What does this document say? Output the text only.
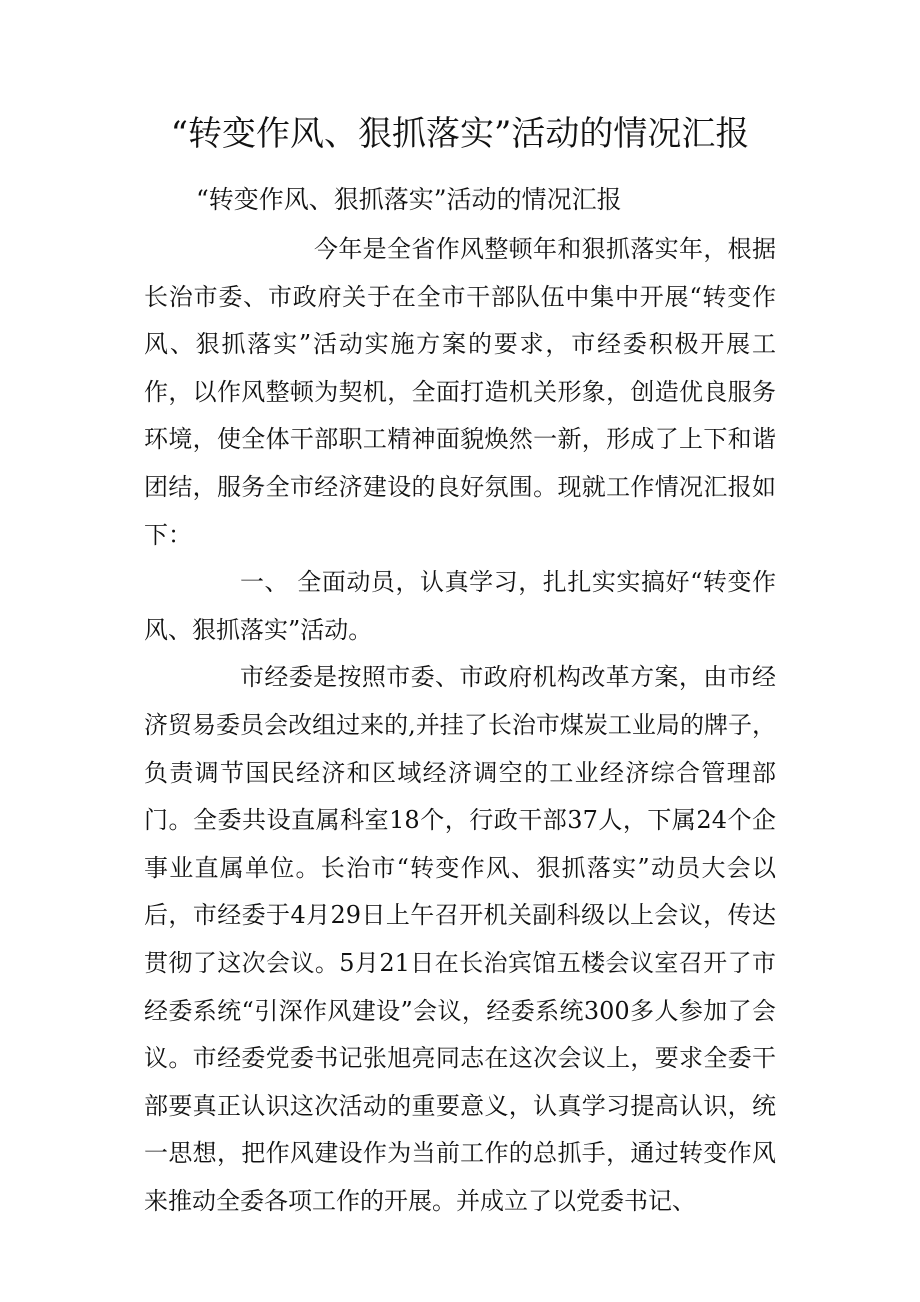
“转变作风、狠抓落实”活动的情况汇报
“转变作风、狠抓落实”活动的情况汇报

今年是全省作风整顿年和狠抓落实年，根据长治市委、市政府关于在全市干部队伍中集中开展“转变作风、狠抓落实”活动实施方案的要求，市经委积极开展工作，以作风整顿为契机，全面打造机关形象，创造优良服务环境，使全体干部职工精神面貌焕然一新，形成了上下和谐团结，服务全市经济建设的良好氛围。现就工作情况汇报如下：

一、 全面动员，认真学习，扎扎实实搞好“转变作风、狠抓落实”活动。

市经委是按照市委、市政府机构改革方案，由市经济贸易委员会改组过来的,并挂了长治市煤炭工业局的牌子，负责调节国民经济和区域经济调空的工业经济综合管理部门。全委共设直属科室18个，行政干部37人，下属24个企事业直属单位。长治市“转变作风、狠抓落实”动员大会以后，市经委于4月29日上午召开机关副科级以上会议，传达贯彻了这次会议。5月21日在长治宾馆五楼会议室召开了市经委系统“引深作风建设”会议，经委系统300多人参加了会议。市经委党委书记张旭亮同志在这次会议上，要求全委干部要真正认识这次活动的重要意义，认真学习提高认识，统一思想，把作风建设作为当前工作的总抓手，通过转变作风来推动全委各项工作的开展。并成立了以党委书记、
